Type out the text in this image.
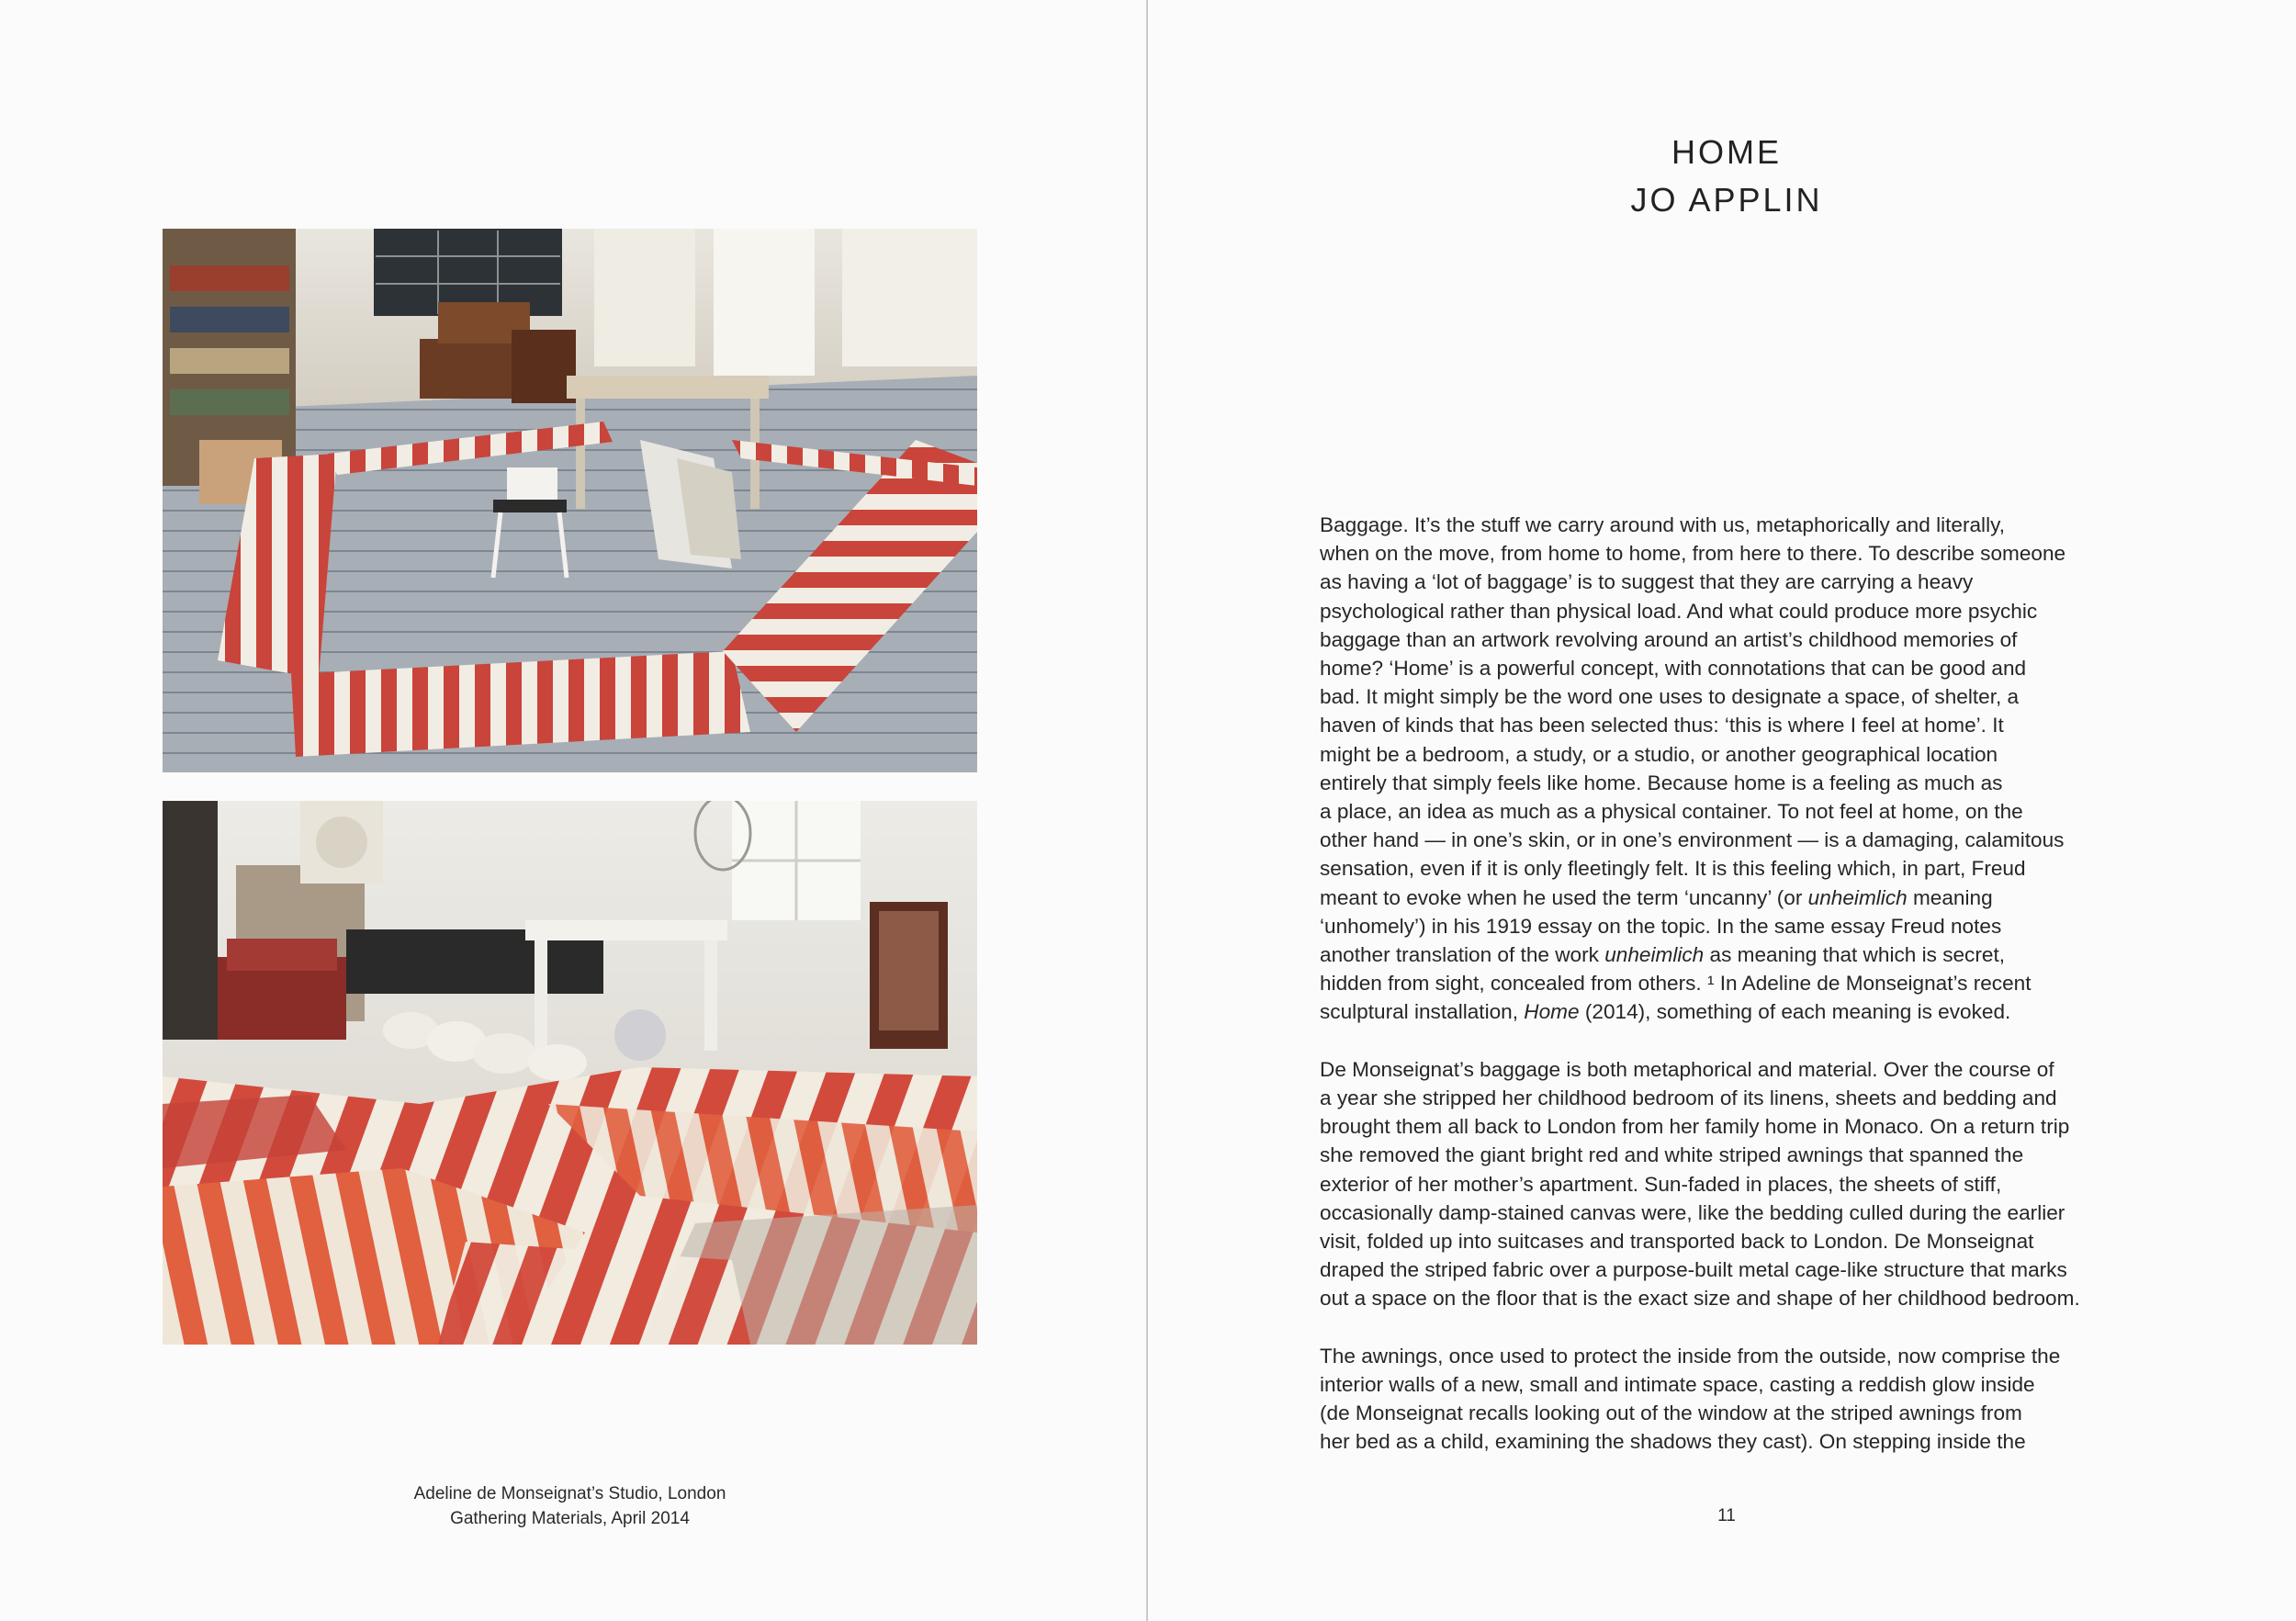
Adeline de Monseignat’s Studio, London
Gathering Materials, April 2014
HOME
JO APPLIN
Baggage. It’s the stuff we carry around with us, metaphorically and literally,
when on the move, from home to home, from here to there. To describe someone
as having a ‘lot of baggage’ is to suggest that they are carrying a heavy
psychological rather than physical load. And what could produce more psychic
baggage than an artwork revolving around an artist’s childhood memories of
home? ‘Home’ is a powerful concept, with connotations that can be good and
bad. It might simply be the word one uses to designate a space, of shelter, a
haven of kinds that has been selected thus: ‘this is where I feel at home’. It
might be a bedroom, a study, or a studio, or another geographical location
entirely that simply feels like home. Because home is a feeling as much as
a place, an idea as much as a physical container. To not feel at home, on the
other hand — in one’s skin, or in one’s environment — is a damaging, calamitous
sensation, even if it is only fleetingly felt. It is this feeling which, in part, Freud
meant to evoke when he used the term ‘uncanny’ (or unheimlich meaning
‘unhomely’) in his 1919 essay on the topic. In the same essay Freud notes
another translation of the work unheimlich as meaning that which is secret,
hidden from sight, concealed from others. ¹ In Adeline de Monseignat’s recent
sculptural installation, Home (2014), something of each meaning is evoked.
De Monseignat’s baggage is both metaphorical and material. Over the course of
a year she stripped her childhood bedroom of its linens, sheets and bedding and
brought them all back to London from her family home in Monaco. On a return trip
she removed the giant bright red and white striped awnings that spanned the
exterior of her mother’s apartment. Sun-faded in places, the sheets of stiff,
occasionally damp-stained canvas were, like the bedding culled during the earlier
visit, folded up into suitcases and transported back to London. De Monseignat
draped the striped fabric over a purpose-built metal cage-like structure that marks
out a space on the floor that is the exact size and shape of her childhood bedroom.
The awnings, once used to protect the inside from the outside, now comprise the
interior walls of a new, small and intimate space, casting a reddish glow inside
(de Monseignat recalls looking out of the window at the striped awnings from
her bed as a child, examining the shadows they cast). On stepping inside the
11
